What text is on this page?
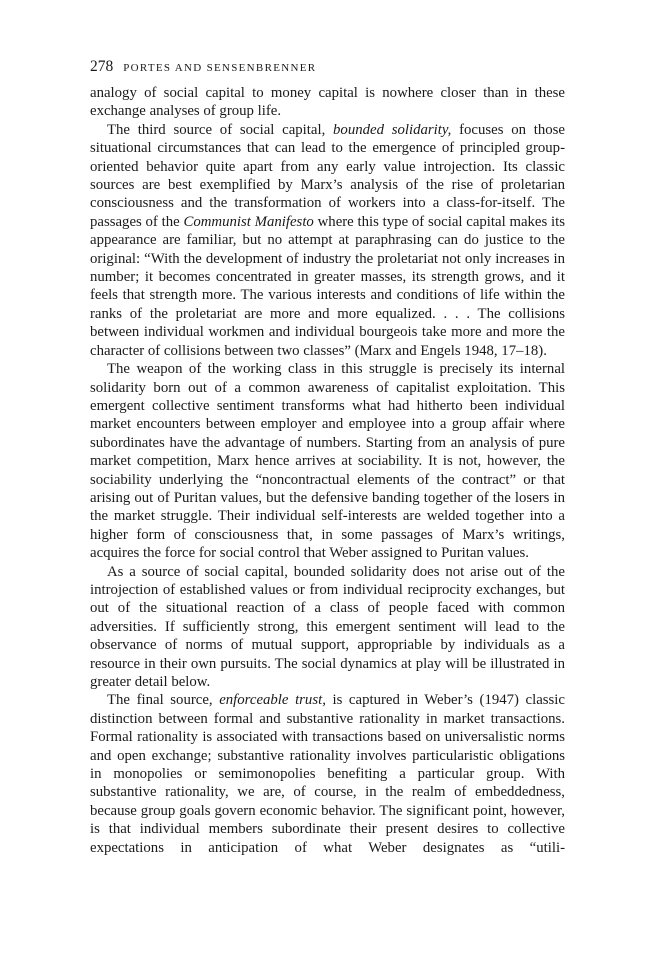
278 PORTES AND SENSENBRENNER

analogy of social capital to money capital is nowhere closer than in these exchange analyses of group life.

The third source of social capital, bounded solidarity, focuses on those situational circumstances that can lead to the emergence of principled group-oriented behavior quite apart from any early value introjection. Its classic sources are best exemplified by Marx’s analysis of the rise of proletarian consciousness and the transformation of workers into a class-for-itself. The passages of the Communist Manifesto where this type of social capital makes its appearance are familiar, but no attempt at paraphrasing can do justice to the original: “With the development of industry the proletariat not only increases in number; it becomes concentrated in greater masses, its strength grows, and it feels that strength more. The various interests and conditions of life within the ranks of the proletariat are more and more equalized. . . . The collisions between individual workmen and individual bourgeois take more and more the character of collisions between two classes” (Marx and Engels 1948, 17–18).

The weapon of the working class in this struggle is precisely its internal solidarity born out of a common awareness of capitalist exploitation. This emergent collective sentiment transforms what had hitherto been individual market encounters between employer and employee into a group affair where subordinates have the advantage of numbers. Starting from an analysis of pure market competition, Marx hence arrives at sociability. It is not, however, the sociability underlying the “noncontractual elements of the contract” or that arising out of Puritan values, but the defensive banding together of the losers in the market struggle. Their individual self-interests are welded together into a higher form of consciousness that, in some passages of Marx’s writings, acquires the force for social control that Weber assigned to Puritan values.

As a source of social capital, bounded solidarity does not arise out of the introjection of established values or from individual reciprocity exchanges, but out of the situational reaction of a class of people faced with common adversities. If sufficiently strong, this emergent sentiment will lead to the observance of norms of mutual support, appropriable by individuals as a resource in their own pursuits. The social dynamics at play will be illustrated in greater detail below.

The final source, enforceable trust, is captured in Weber’s (1947) classic distinction between formal and substantive rationality in market transactions. Formal rationality is associated with transactions based on universalistic norms and open exchange; substantive rationality involves particularistic obligations in monopolies or semimonopolies benefiting a particular group. With substantive rationality, we are, of course, in the realm of embeddedness, because group goals govern economic behavior. The significant point, however, is that individual members subordinate their present desires to collective expectations in anticipation of what Weber designates as “utili-
